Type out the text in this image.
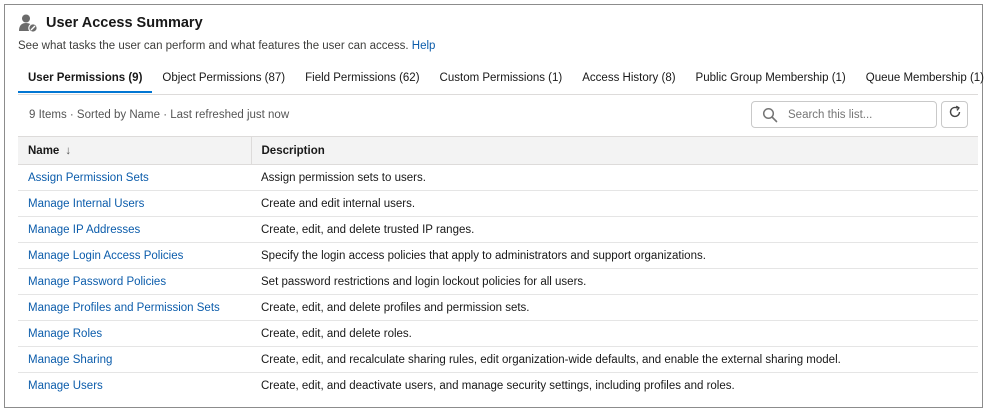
User Access Summary
See what tasks the user can perform and what features the user can access. Help
User Permissions (9)	Object Permissions (87)	Field Permissions (62)	Custom Permissions (1)	Access History (8)	Public Group Membership (1)	Queue Membership (1)
9 Items · Sorted by Name · Last refreshed just now
Search this list...
Name ↓	Description
Assign Permission Sets	Assign permission sets to users.
Manage Internal Users	Create and edit internal users.
Manage IP Addresses	Create, edit, and delete trusted IP ranges.
Manage Login Access Policies	Specify the login access policies that apply to administrators and support organizations.
Manage Password Policies	Set password restrictions and login lockout policies for all users.
Manage Profiles and Permission Sets	Create, edit, and delete profiles and permission sets.
Manage Roles	Create, edit, and delete roles.
Manage Sharing	Create, edit, and recalculate sharing rules, edit organization-wide defaults, and enable the external sharing model.
Manage Users	Create, edit, and deactivate users, and manage security settings, including profiles and roles.
